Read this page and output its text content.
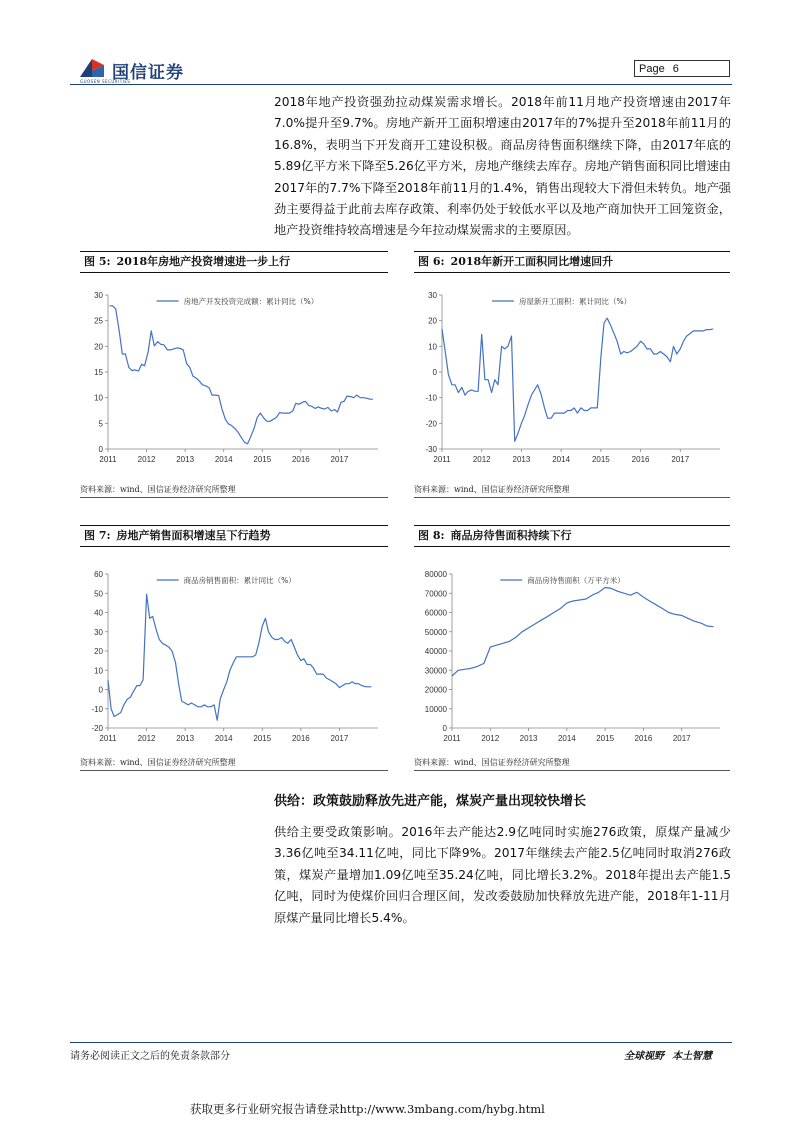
国信证券
GUOSEN SECURITIES
Page 6
2018年地产投资强劲拉动煤炭需求增长。2018年前11月地产投资增速由2017年7.0%提升至9.7%。房地产新开工面积增速由2017年的7%提升至2018年前11月的16.8%，表明当下开发商开工建设积极。商品房待售面积继续下降，由2017年底的5.89亿平方米下降至5.26亿平方米，房地产继续去库存。房地产销售面积同比增速由2017年的7.7%下降至2018年前11月的1.4%，销售出现较大下滑但未转负。地产强劲主要得益于此前去库存政策、利率仍处于较低水平以及地产商加快开工回笼资金，地产投资维持较高增速是今年拉动煤炭需求的主要原因。
图 5: 2018年房地产投资增速进一步上行
0
5
10
15
20
25
30
2011	2012	2013	2014	2015	2016	2017
房地产开发投资完成额：累计同比（%）
资料来源：wind、国信证券经济研究所整理
图 6: 2018年新开工面积同比增速回升
-30
-20
-10
0
10
20
30
2011	2012	2013	2014	2015	2016	2017
房屋新开工面积：累计同比（%）
资料来源：wind、国信证券经济研究所整理
图 7: 房地产销售面积增速呈下行趋势
-20
-10
0
10
20
30
40
50
60
2011	2012	2013	2014	2015	2016	2017
商品房销售面积：累计同比（%）
资料来源：wind、国信证券经济研究所整理
图 8: 商品房待售面积持续下行
0
10000
20000
30000
40000
50000
60000
70000
80000
2011	2012	2013	2014	2015	2016	2017
商品房待售面积（万平方米）
资料来源：wind、国信证券经济研究所整理
供给：政策鼓励释放先进产能，煤炭产量出现较快增长
供给主要受政策影响。2016年去产能达2.9亿吨同时实施276政策，原煤产量减少3.36亿吨至34.11亿吨，同比下降9%。2017年继续去产能2.5亿吨同时取消276政策，煤炭产量增加1.09亿吨至35.24亿吨，同比增长3.2%。2018年提出去产能1.5亿吨，同时为使煤价回归合理区间，发改委鼓励加快释放先进产能，2018年1-11月原煤产量同比增长5.4%。
请务必阅读正文之后的免责条款部分	全球视野 本土智慧
获取更多行业研究报告请登录http://www.3mbang.com/hybg.html
